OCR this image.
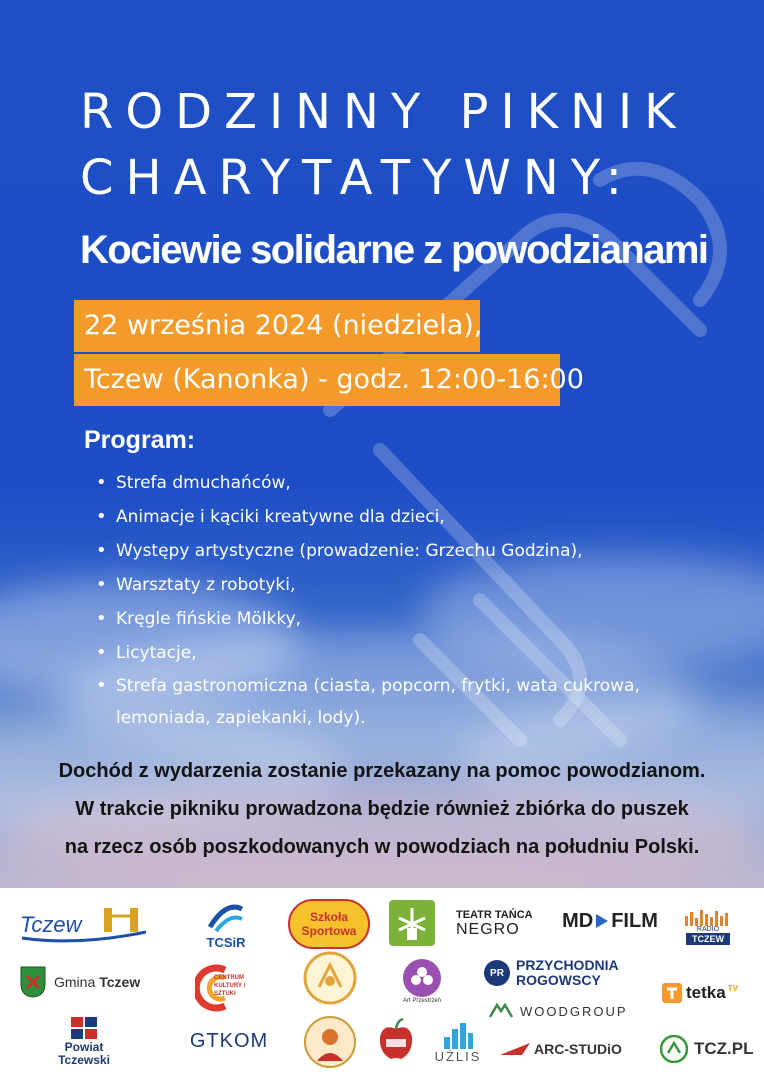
RODZINNY PIKNIK
CHARYTATYWNY:
Kociewie solidarne z powodzianami
22 września 2024 (niedziela),
Tczew (Kanonka) - godz. 12:00-16:00
Program:
• Strefa dmuchańców,
• Animacje i kąciki kreatywne dla dzieci,
• Występy artystyczne (prowadzenie: Grzechu Godzina),
• Warsztaty z robotyki,
• Kręgle fińskie Mölkky,
• Licytacje,
• Strefa gastronomiczna (ciasta, popcorn, frytki, wata cukrowa, lemoniada, zapiekanki, lody).

Dochód z wydarzenia zostanie przekazany na pomoc powodzianom.

W trakcie pikniku prowadzona będzie również zbiórka do puszek

na rzecz osób poszkodowanych w powodziach na południu Polski.

Tczew
TCSiR
Szkoła Sportowa
TEATR TAŃCA
NEGRO MD FILM	RADIO
TCZEW
Gmina Tczew	CENTRUM KULTURY i SZTUKI
Art Przestrzeń
PR PRZYCHODNIA
ROGOWSCY
tetka TV
WOODGROUP
Powiat
Tczewski
GTKOM
UŻLIS	ARC-STUDiO	TCZ.PL
